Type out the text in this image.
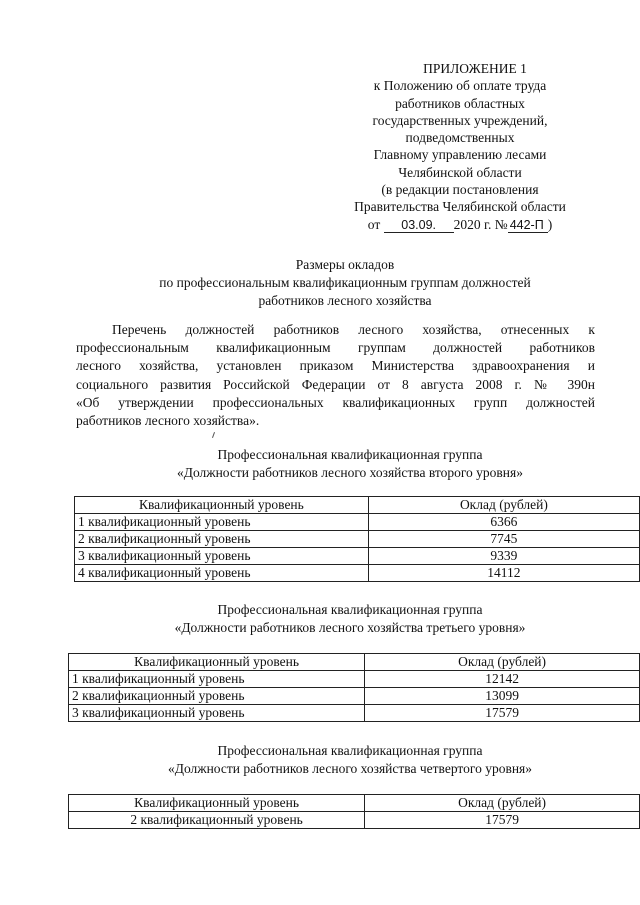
ПРИЛОЖЕНИЕ 1
к Положению об оплате труда
работников областных
государственных учреждений,
подведомственных
Главному управлению лесами
Челябинской области
(в редакции постановления
Правительства Челябинской области
от 03.09. 2020 г. № 442-П )
Размеры окладов
по профессиональным квалификационным группам должностей
работников лесного хозяйства
Перечень должностей работников лесного хозяйства, отнесенных к
профессиональным квалификационным группам должностей работников
лесного хозяйства, установлен приказом Министерства здравоохранения и
социального развития Российской Федерации от 8 августа 2008 г. № 390н
«Об утверждении профессиональных квалификационных групп должностей
работников лесного хозяйства».
Профессиональная квалификационная группа
«Должности работников лесного хозяйства второго уровня»
Квалификационный уровень	Оклад (рублей)
1 квалификационный уровень	6366
2 квалификационный уровень	7745
3 квалификационный уровень	9339
4 квалификационный уровень	14112
Профессиональная квалификационная группа
«Должности работников лесного хозяйства третьего уровня»
Квалификационный уровень	Оклад (рублей)
1 квалификационный уровень	12142
2 квалификационный уровень	13099
3 квалификационный уровень	17579
Профессиональная квалификационная группа
«Должности работников лесного хозяйства четвертого уровня»
Квалификационный уровень	Оклад (рублей)
2 квалификационный уровень	17579
